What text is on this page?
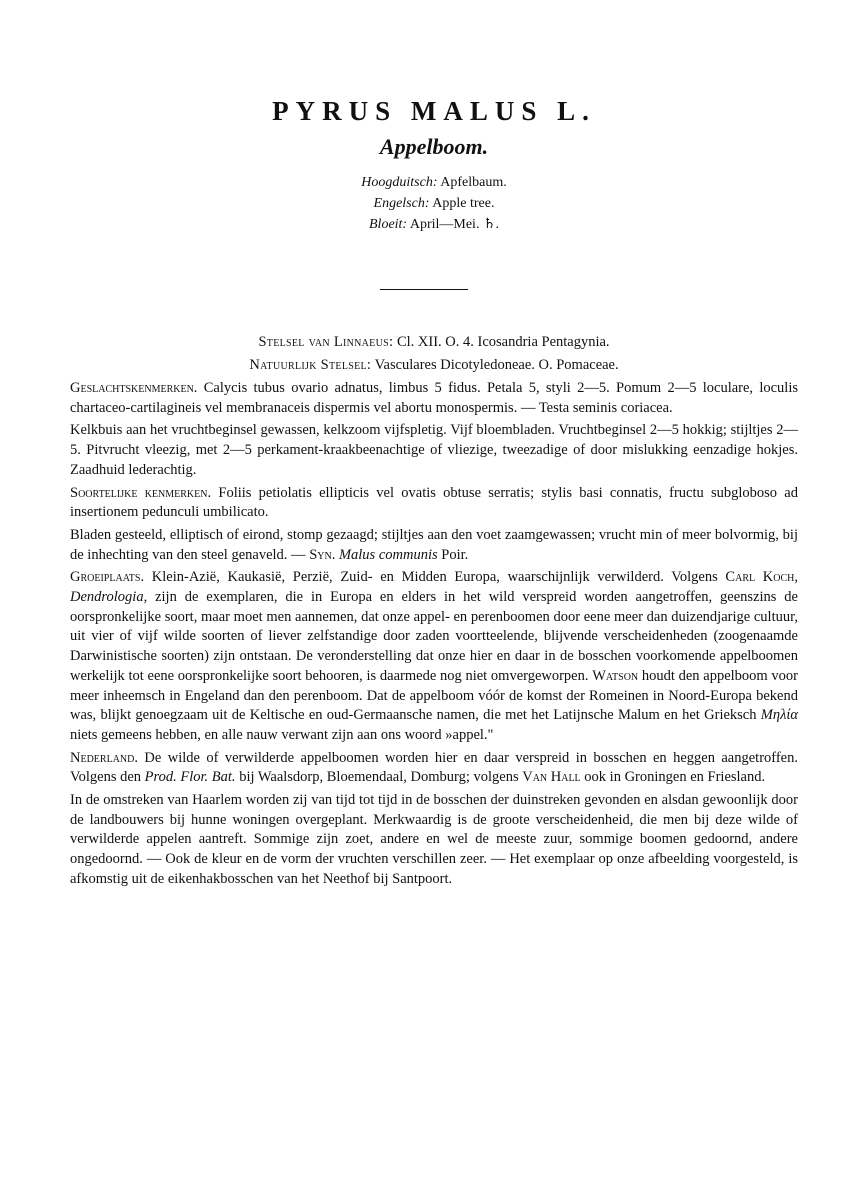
PYRUS MALUS L.
Appelboom.
Hoogduitsch: Apfelbaum.
Engelsch: Apple tree.
Bloeit: April—Mei. ♄.
Stelsel van Linnaeus: Cl. XII. O. 4. Icosandria Pentagynia.
Natuurlijk Stelsel: Vasculares Dicotyledoneae. O. Pomaceae.

Geslachtskenmerken. Calycis tubus ovario adnatus, limbus 5 fidus. Petala 5, styli 2—5. Pomum 2—5 loculare, loculis chartaceo-cartilagineis vel membranaceis dispermis vel abortu monospermis. — Testa seminis coriacea.

Kelkbuis aan het vruchtbeginsel gewassen, kelkzoom vijfspletig. Vijf bloembladen. Vruchtbeginsel 2—5 hokkig; stijltjes 2—5. Pitvrucht vleezig, met 2—5 perkament-kraakbeenachtige of vliezige, tweezadige of door mislukking eenzadige hokjes. Zaadhuid lederachtig.

Soortelijke kenmerken. Foliis petiolatis ellipticis vel ovatis obtuse serratis; stylis basi connatis, fructu subgloboso ad insertionem pedunculi umbilicato.

Bladen gesteeld, elliptisch of eirond, stomp gezaagd; stijltjes aan den voet zaamgewassen; vrucht min of meer bolvormig, bij de inhechting van den steel genaveld. — Syn. Malus communis Poir.

Groeiplaats. Klein-Azië, Kaukasië, Perzië, Zuid- en Midden Europa, waarschijnlijk verwilderd. Volgens Carl Koch, Dendrologia, zijn de exemplaren, die in Europa en elders in het wild verspreid worden aangetroffen, geenszins de oorspronkelijke soort, maar moet men aannemen, dat onze appel- en perenboomen door eene meer dan duizendjarige cultuur, uit vier of vijf wilde soorten of liever zelfstandige door zaden voortteelende, blijvende verscheidenheden (zoogenaamde Darwinistische soorten) zijn ontstaan. De veronderstelling dat onze hier en daar in de bosschen voorkomende appelboomen werkelijk tot eene oorspronkelijke soort behooren, is daarmede nog niet omvergeworpen. Watson houdt den appelboom voor meer inheemsch in Engeland dan den perenboom. Dat de appelboom vóór de komst der Romeinen in Noord-Europa bekend was, blijkt genoegzaam uit de Keltische en oud-Germaansche namen, die met het Latijnsche Malum en het Grieksch Μηλία niets gemeens hebben, en alle nauw verwant zijn aan ons woord »appel."

Nederland. De wilde of verwilderde appelboomen worden hier en daar verspreid in bosschen en heggen aangetroffen. Volgens den Prod. Flor. Bat. bij Waalsdorp, Bloemendaal, Domburg; volgens Van Hall ook in Groningen en Friesland.

In de omstreken van Haarlem worden zij van tijd tot tijd in de bosschen der duinstreken gevonden en alsdan gewoonlijk door de landbouwers bij hunne woningen overgeplant. Merkwaardig is de groote verscheidenheid, die men bij deze wilde of verwilderde appelen aantreft. Sommige zijn zoet, andere en wel de meeste zuur, sommige boomen gedoornd, andere ongedoornd. — Ook de kleur en de vorm der vruchten verschillen zeer. — Het exemplaar op onze afbeelding voorgesteld, is afkomstig uit de eikenhakbosschen van het Neethof bij Santpoort.
